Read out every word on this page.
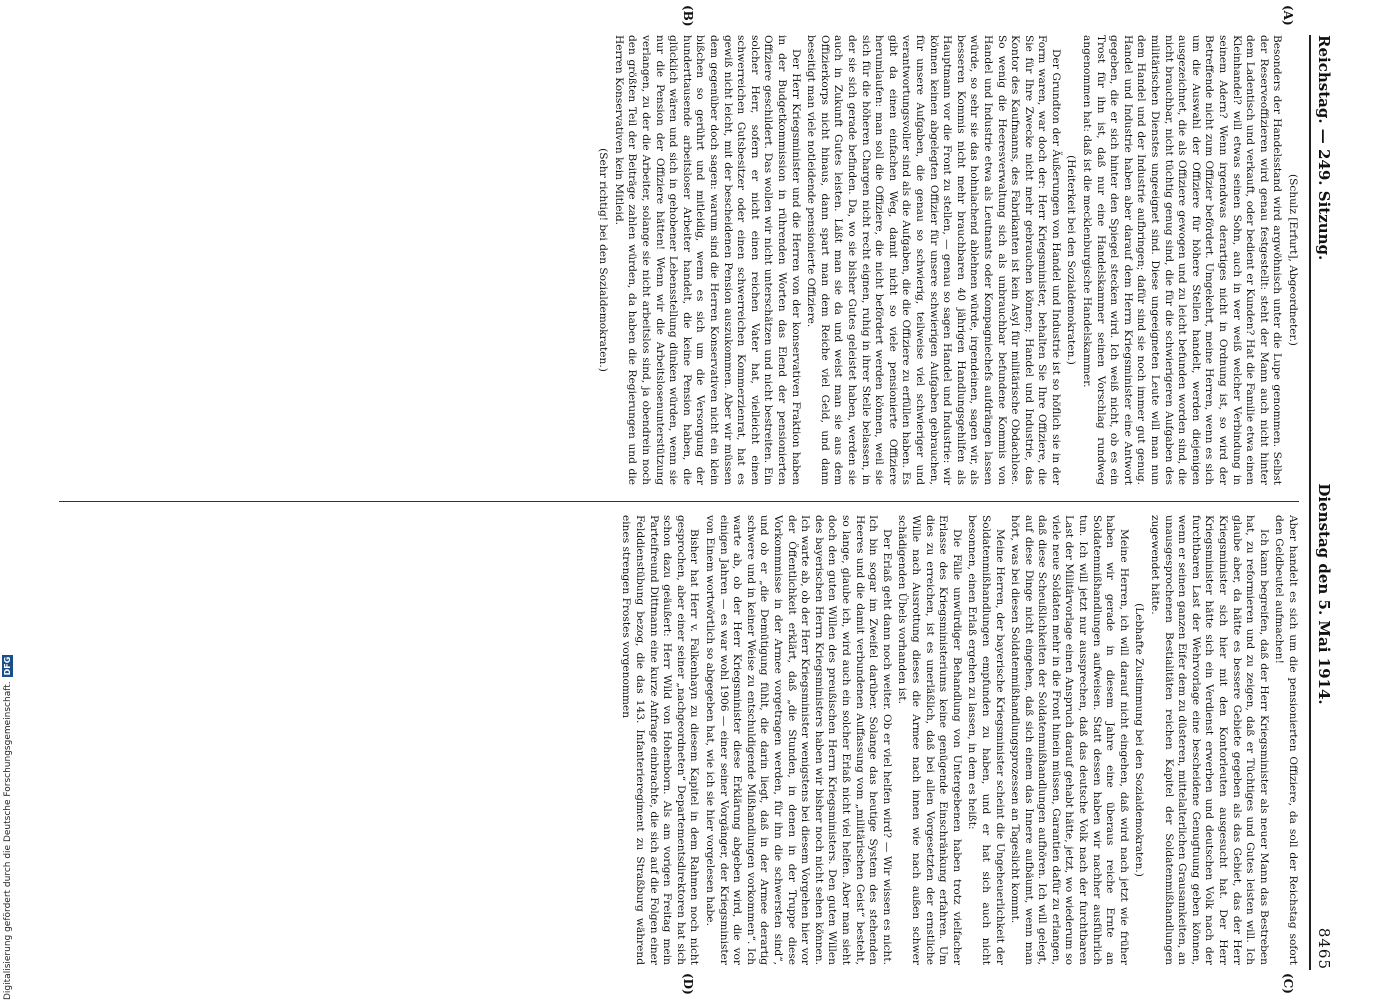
Reichstag. — 249. Sitzung.
Dienstag den 5. Mai 1914.
8465
(A)
(B)
(C)
(D)

(Schulz [Erfurt], Abgeordneter.)

Besonders der Handelsstand wird argwöhnisch unter die Lupe genommen. Selbst der Reserveoffizieren wird genau festgestellt: steht der Mann auch nicht hinter dem Ladentisch und verkauft, oder bedient er Kunden? Hat die Familie etwa einen Kleinhandel? will etwas seinen Sohn, auch in wer weiß welcher Verbindung in seinem Adern? Wenn irgendwas derartiges nicht in Ordnung ist, so wird der Betreffende nicht zum Offizier befördert. Umgekehrt, meine Herren, wenn es sich um die Auswahl der Offiziere für höhere Stellen handelt, werden diejenigen ausgezeichnet, die als Offiziere gewogen und zu leicht befunden worden sind, die nicht brauchbar, nicht tüchtig genug sind, die für die schwierigeren Aufgaben des militärischen Dienstes ungeeignet sind. Diese ungeeigneten Leute will man nun dem Handel und der Industrie aufbringen; dafür sind sie noch immer gut genug. Handel und Industrie haben aber darauf dem Herrn Kriegsminister eine Antwort gegeben, die er sich hinter den Spiegel stecken wird. Ich weiß nicht, ob es ein Trost für ihn ist, daß nur eine Handelskammer seinen Vorschlag rundweg angenommen hat: daß ist die mecklenburgische Handelskammer.

(Heiterkeit bei den Sozialdemokraten.)

Der Grundton der Äußerungen von Handel und Industrie ist so höflich sie in der Form waren, war doch der: Herr Kriegsminister, behalten Sie Ihre Offiziere, die Sie für Ihre Zwecke nicht mehr gebrauchen können; Handel und Industrie, das Kontor des Kaufmanns, des Fabrikanten ist kein Asyl für militärische Obdachlose. So wenig die Heeresverwaltung sich als unbrauchbar befundene Kommis von Handel und Industrie etwa als Leutnants oder Kompagniechefs aufdrängen lassen würde, so sehr sie das hohnlachend ablehnen würde, irgendeinen, sagen wir, als besseren Kommis nicht mehr brauchbaren 40 jährigen Handlungsgehilfen als Hauptmann vor die Front zu stellen, — genau so sagen Handel und Industrie: wir können keinen abgelegten Offizier für unsere schwierigen Aufgaben gebrauchen, für unsere Aufgaben, die genau so schwierig, teilweise viel schwieriger und verantwortungsvoller sind als die Aufgaben, die die Offiziere zu erfüllen haben. Es gibt da einen einfachen Weg, damit nicht so viele pensionierte Offiziere herumlaufen: man soll die Offiziere, die nicht befördert werden können, weil sie sich für die höheren Chargen nicht recht eignen, ruhig in ihrer Stelle belassen, in der sie sich gerade befinden. Da, wo sie bisher Gutes geleistet haben, werden sie auch in Zukunft Gutes leisten. Läßt man sie da und weist man sie aus dem Offizierkorps nicht hinaus, dann spart man dem Reiche viel Geld, und dann beseitigt man viele notleidende pensionierte Offiziere.

Der Herr Kriegsminister und die Herren von der konservativen Fraktion haben in der Budgetkommission in rührenden Worten das Elend der pensionierten Offiziere geschildert. Das wollen wir nicht unterschätzen und nicht bestreiten. Ein solcher Herr, sofern er nicht einen reichen Vater hat, vielleicht einen schwerreichen Gutsbesitzer oder einen schwerreichen Kommerzienrat, hat es gewiß nicht leicht, mit der bescheidenen Pension auszukommen. Aber wir müssen dem gegenüber doch sagen: warum sind die Herren Konservativen nicht ein klein bißchen so gerührt und mitleidig, wenn es sich um die Versorgung der hunderttausende arbeitsloser Arbeiter handelt, die keine Pension haben, die glücklich wären und sich in gehobener Lebensstellung dünken würden, wenn sie nur die Pension der Offiziere hätten! Wenn wir die Arbeitslosenunterstützung verlangen, zu der die Arbeiter, solange sie nicht arbeitslos sind, ja obendrein noch den größten Teil der Beiträge zahlen würden, da haben die Regierungen und die Herren Konservativen kein Mitleid.

(Sehr richtig! bei den Sozialdemokraten.)

Aber handelt es sich um die pensionierten Offiziere, da soll der Reichstag sofort den Geldbeutel aufmachen!

Ich kann begreifen, daß der Herr Kriegsminister als neuer Mann das Bestreben hat, zu reformieren und zu zeigen, daß er Tüchtiges und Gutes leisten will. Ich glaube aber, da hätte es bessere Gebiete gegeben als das Gebiet, das der Herr Kriegsminister sich hier mit den Kontorleuten ausgesucht hat. Der Herr Kriegsminister hätte sich ein Verdienst erwerben und deutschen Volk nach der furchtbaren Last der Wehrvorlage eine bescheidene Genugtuung geben können, wenn er seinen ganzen Eifer dem zu düsteren, mittelalterlichen Grausamkeiten, an unausgesprochenen Bestialitäten reichen Kapitel der Soldatenmißhandlungen zugewendet hätte.

(Lebhafte Zustimmung bei den Sozialdemokraten.)

Meine Herren, ich will darauf nicht eingehen, daß wird nach jetzt wie früher haben wir gerade in diesem Jahre eine überaus reiche Ernte an Soldatenmißhandlungen aufweisen. Statt dessen haben wir nachher ausführlich tun. Ich will jetzt nur aussprechen, daß das deutsche Volk nach der furchtbaren Last der Militärvorlage einen Anspruch darauf gehabt hätte, jetzt, wo wiederum so viele neue Soldaten mehr in die Front hinein müssen, Garantien dafür zu erlangen, daß diese Scheußlichkeiten der Soldatenmißhandlungen aufhören. Ich will gelegt, auf diese Dinge nicht eingehen, daß sich einem das Innere aufbäumt, wenn man hört, was bei diesen Soldatenmißhandlungsprozessen an Tageslicht kommt.

Meine Herren, der bayerische Kriegsminister scheint die Ungeheuerlichkeit der Soldatenmißhandlungen empfunden zu haben, und er hat sich auch nicht besonnen, einen Erlaß ergehen zu lassen, in dem es heißt:

Die Fälle unwürdiger Behandlung von Untergebenen haben trotz vielfacher Erlasse des Kriegsministeriums keine genügende Einschränkung erfahren. Um dies zu erreichen, ist es unerläßlich, daß bei allen Vorgesetzten der ernstliche Wille nach Ausrottung dieses die Armee nach innen wie nach außen schwer schädigenden Übels vorhanden ist.

Der Erlaß geht dann noch weiter. Ob er viel helfen wird? — Wir wissen es nicht. Ich bin sogar im Zweifel darüber. Solange das heutige System des stehenden Heeres und die damit verbundenen Auffassung vom „militärischen Geist“ besteht, so lange, glaube ich, wird auch ein solcher Erlaß nicht viel helfen. Aber man sieht doch den guten Willen des preußischen Herrn Kriegsministers. Den guten Willen des bayerischen Herrn Kriegsministers haben wir bisher noch nicht sehen können. Ich warte ab, ob der Herr Kriegsminister wenigstens bei diesem Vorgehen hier vor der Öffentlichkeit erklärt, daß „die Stunden, in denen in der Truppe diese Vorkommnisse in der Armee vorgetragen werden, für ihn die schwersten sind“, und ob er „die Demütigung fühlt, die darin liegt, daß in der Armee derartig schwere und in keiner Weise zu entschuldigende Mißhandlungen vorkommen“. Ich warte ab, ob der Herr Kriegsminister diese Erklärung abgeben wird, die vor einigen Jahren — es war wohl 1906 — einer seiner Vorgänger, der Kriegsminister von Einem wortwörtlich so abgegeben hat, wie ich sie hier vorgelesen habe.

Bisher hat Herr v. Falkenhayn zu diesem Kapitel in dem Rahmen noch nicht gesprochen, aber einer seiner „nachgeordneten“ Departementsdirektoren hat sich schon dazu geäußert: Herr Wild von Hohenborn. Als am vorigen Freitag mein Parteifreund Dittmann eine kurze Anfrage einbrachte, die sich auf die Folgen einer Felddienstübung bezog, die das 143. Infanterieregiment zu Straßburg während eines strengen Frostes vorgenommen

Digitalisierung gefördert durch die Deutsche Forschungsgemeinschaft.
DFG
